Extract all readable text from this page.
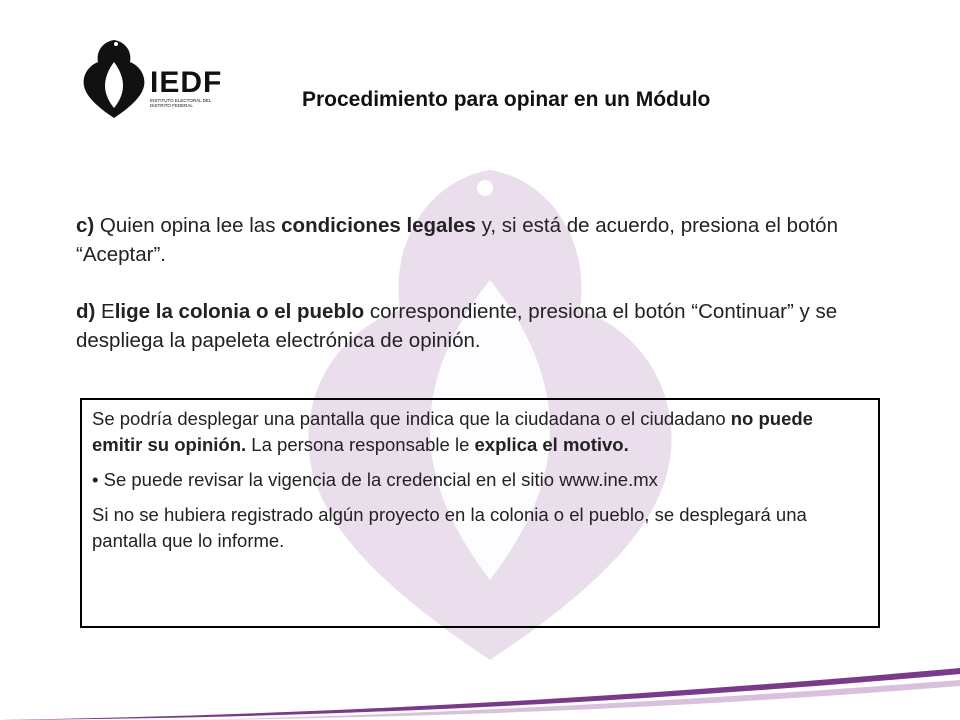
IEDF
INSTITUTO ELECTORAL DEL DISTRITO FEDERAL	Procedimiento para opinar en un Módulo
c) Quien opina lee las condiciones legales y, si está de acuerdo, presiona el botón “Aceptar”.
d) Elige la colonia o el pueblo correspondiente, presiona el botón “Continuar” y se despliega la papeleta electrónica de opinión.

Se podría desplegar una pantalla que indica que la ciudadana o el ciudadano no puede emitir su opinión. La persona responsable le explica el motivo.

• Se puede revisar la vigencia de la credencial en el sitio www.ine.mx

Si no se hubiera registrado algún proyecto en la colonia o el pueblo, se desplegará una pantalla que lo informe.
